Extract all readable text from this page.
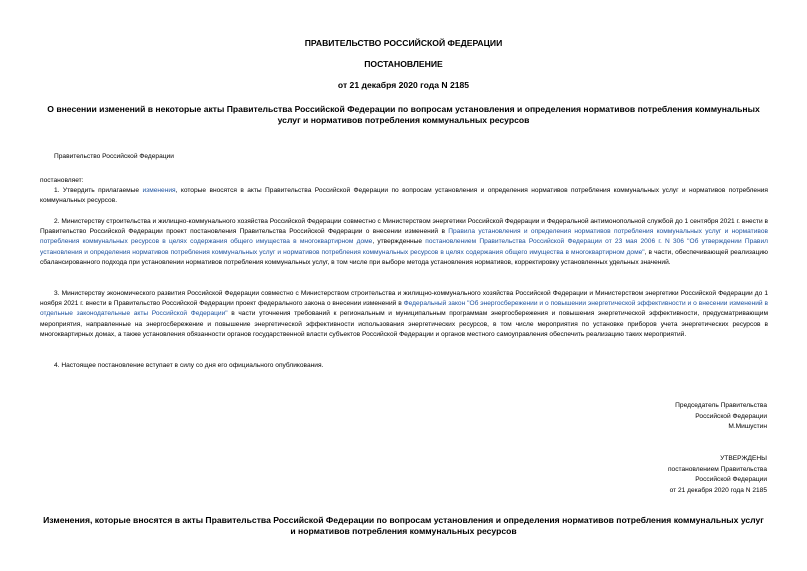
ПРАВИТЕЛЬСТВО РОССИЙСКОЙ ФЕДЕРАЦИИ
ПОСТАНОВЛЕНИЕ
от 21 декабря 2020 года N 2185
О внесении изменений в некоторые акты Правительства Российской Федерации по вопросам установления и определения нормативов потребления коммунальных услуг и нормативов потребления коммунальных ресурсов
Правительство Российской Федерации
постановляет:
1. Утвердить прилагаемые изменения, которые вносятся в акты Правительства Российской Федерации по вопросам установления и определения нормативов потребления коммунальных услуг и нормативов потребления коммунальных ресурсов.
2. Министерству строительства и жилищно-коммунального хозяйства Российской Федерации совместно с Министерством энергетики Российской Федерации и Федеральной антимонопольной службой до 1 сентября 2021 г. внести в Правительство Российской Федерации проект постановления Правительства Российской Федерации о внесении изменений в Правила установления и определения нормативов потребления коммунальных услуг и нормативов потребления коммунальных ресурсов в целях содержания общего имущества в многоквартирном доме, утвержденные постановлением Правительства Российской Федерации от 23 мая 2006 г. N 306 "Об утверждении Правил установления и определения нормативов потребления коммунальных услуг и нормативов потребления коммунальных ресурсов в целях содержания общего имущества в многоквартирном доме", в части, обеспечивающей реализацию сбалансированного подхода при установлении нормативов потребления коммунальных услуг, в том числе при выборе метода установления нормативов, корректировку установленных удельных значений.
3. Министерству экономического развития Российской Федерации совместно с Министерством строительства и жилищно-коммунального хозяйства Российской Федерации и Министерством энергетики Российской Федерации до 1 ноября 2021 г. внести в Правительство Российской Федерации проект федерального закона о внесении изменений в Федеральный закон "Об энергосбережении и о повышении энергетической эффективности и о внесении изменений в отдельные законодательные акты Российской Федерации" в части уточнения требований к региональным и муниципальным программам энергосбережения и повышения энергетической эффективности, предусматривающим мероприятия, направленные на энергосбережение и повышение энергетической эффективности использования энергетических ресурсов, в том числе мероприятия по установке приборов учета энергетических ресурсов в многоквартирных домах, а также установления обязанности органов государственной власти субъектов Российской Федерации и органов местного самоуправления обеспечить реализацию таких мероприятий.
4. Настоящее постановление вступает в силу со дня его официального опубликования.
Председатель Правительства
Российской Федерации
М.Мишустин
УТВЕРЖДЕНЫ
постановлением Правительства
Российской Федерации
от 21 декабря 2020 года N 2185
Изменения, которые вносятся в акты Правительства Российской Федерации по вопросам установления и определения нормативов потребления коммунальных услуг и нормативов потребления коммунальных ресурсов
